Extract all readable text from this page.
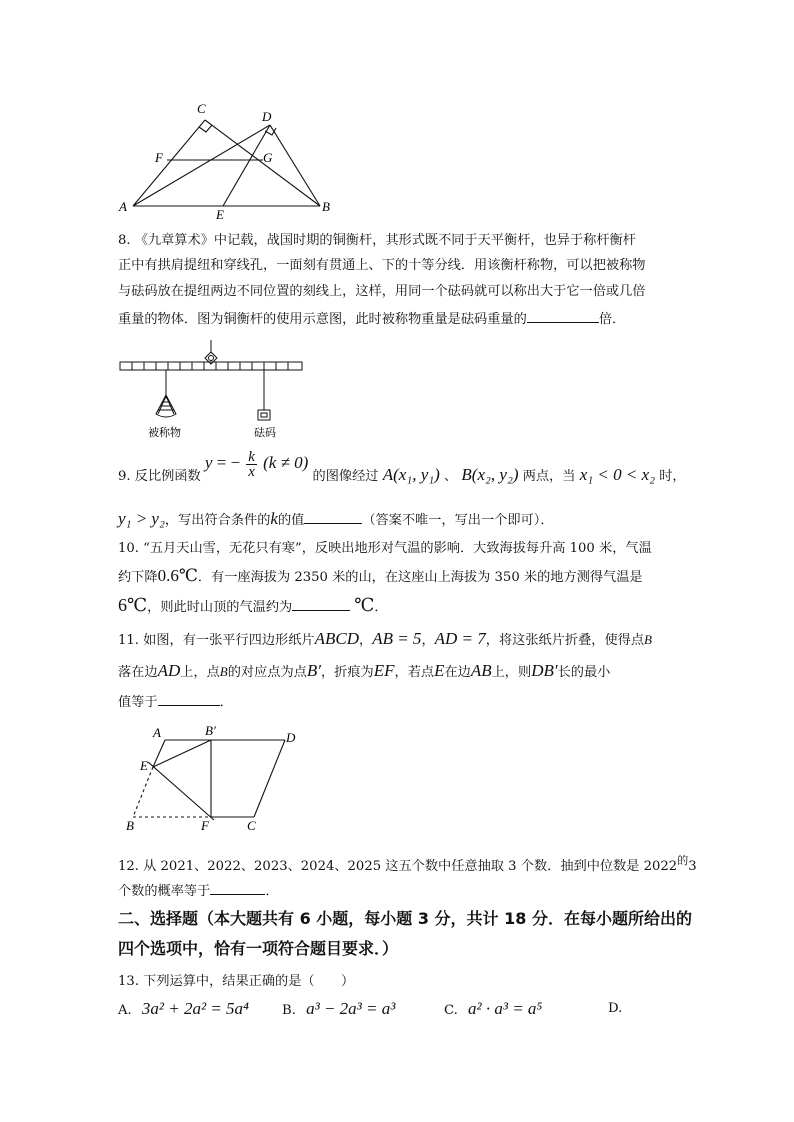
A	B
C
D
E
F	G
8. 《九章算术》中记载，战国时期的铜衡杆，其形式既不同于天平衡杆，也异于称杆衡杆
正中有拱肩提纽和穿线孔，一面刻有贯通上、下的十等分线．用该衡杆称物，可以把被称物
与砝码放在提纽两边不同位置的刻线上，这样，用同一个砝码就可以称出大于它一倍或几倍
重量的物体．图为铜衡杆的使用示意图，此时被称物重量是砝码重量的	倍．
被称物	砝码
9. 反比例函数 y = − $\frac{k}{x} (k \ne 0)$ 的图像经过 A(x₁, y₁) 、 B(x₂, y₂) 两点，当 x₁ < 0 < x₂ 时，
y₁ > y₂，写出符合条件的k的值	（答案不唯一，写出一个即可）．
10. “五月天山雪，无花只有寒”，反映出地形对气温的影响．大致海拔每升高 100 米，气温
约下降0.6℃．有一座海拔为 2350 米的山，在这座山上海拔为 350 米的地方测得气温是
6℃，则此时山顶的气温约为	℃．
11. 如图，有一张平行四边形纸片ABCD，AB = 5，AD = 7，将这张纸片折叠，使得点B
落在边AD上，点B的对应点为点B′，折痕为EF，若点E在边AB上，则DB′长的最小
值等于	．
A	B′	D
E
B	F	C
12. 从 2021、2022、2023、2024、2025 这五个数中任意抽取 3 个数．抽到中位数是 $2022^的3$
个数的概率等于	．
二、选择题（本大题共有 6 小题，每小题 3 分，共计 18 分．在每小题所给出的
四个选项中，恰有一项符合题目要求．）
13. 下列运算中，结果正确的是（　　）
A. 3a² + 2a² = 5a⁴	B. a³ − 2a³ = a³	C. a² · a³ = a⁵	D.
